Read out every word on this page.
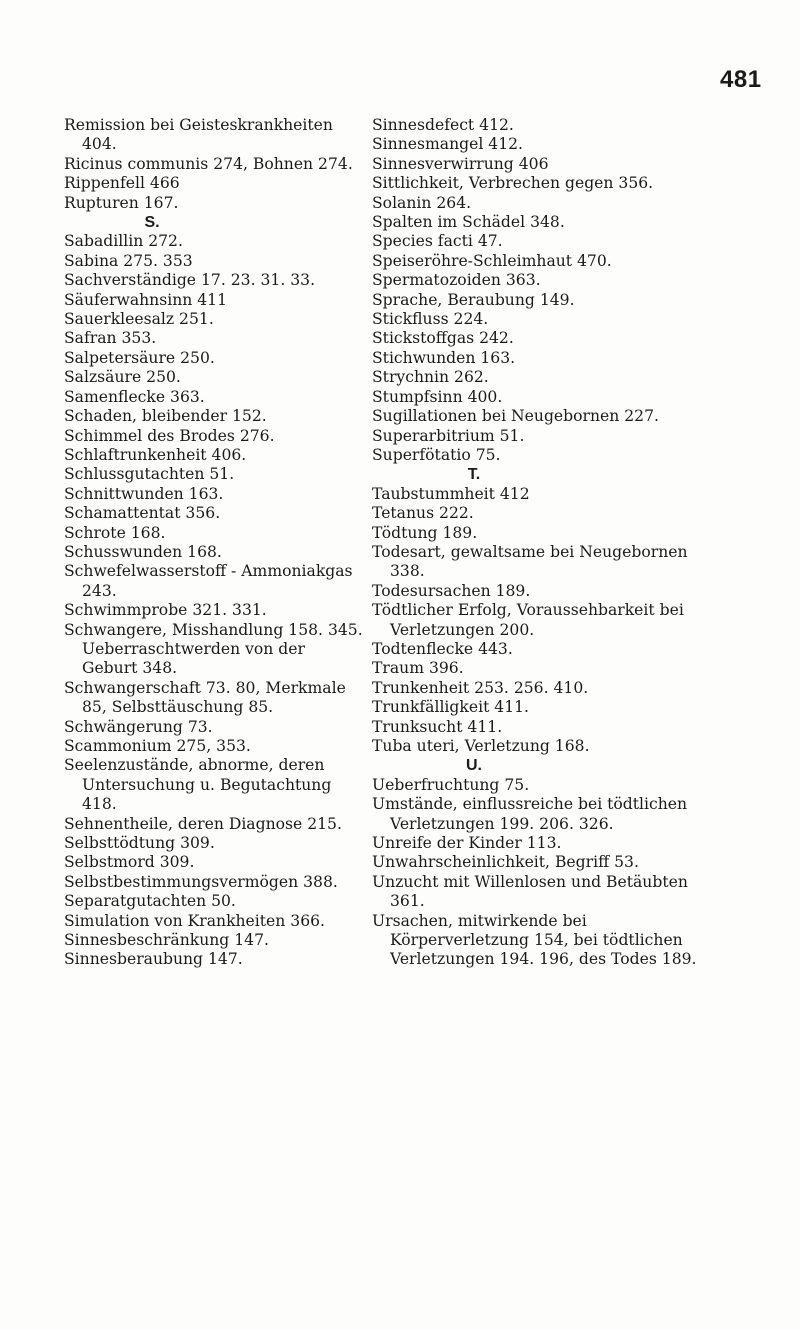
481
Remission bei Geisteskrankheiten 404.
Ricinus communis 274, Bohnen 274.
Rippenfell 466
Rupturen 167.
S.
Sabadillin 272.
Sabina 275. 353
Sachverständige 17. 23. 31. 33.
Säuferwahnsinn 411
Sauerkleesalz 251.
Safran 353.
Salpetersäure 250.
Salzsäure 250.
Samenflecke 363.
Schaden, bleibender 152.
Schimmel des Brodes 276.
Schlaftrunkenheit 406.
Schlussgutachten 51.
Schnittwunden 163.
Schamattentat 356.
Schrote 168.
Schusswunden 168.
Schwefelwasserstoff - Ammoniakgas 243.
Schwimmprobe 321. 331.
Schwangere, Misshandlung 158. 345. Ueberraschtwerden von der Geburt 348.
Schwangerschaft 73. 80, Merkmale 85, Selbsttäuschung 85.
Schwängerung 73.
Scammonium 275, 353.
Seelenzustände, abnorme, deren Untersuchung u. Begutachtung 418.
Sehnentheile, deren Diagnose 215.
Selbsttödtung 309.
Selbstmord 309.
Selbstbestimmungsvermögen 388.
Separatgutachten 50.
Simulation von Krankheiten 366.
Sinnesbeschränkung 147.
Sinnesberaubung 147.
Sinnesdefect 412.
Sinnesmangel 412.
Sinnesverwirrung 406
Sittlichkeit, Verbrechen gegen 356.
Solanin 264.
Spalten im Schädel 348.
Species facti 47.
Speiseröhre-Schleimhaut 470.
Spermatozoiden 363.
Sprache, Beraubung 149.
Stickfluss 224.
Stickstoffgas 242.
Stichwunden 163.
Strychnin 262.
Stumpfsinn 400.
Sugillationen bei Neugebornen 227.
Superarbitrium 51.
Superfötatio 75.
T.
Taubstummheit 412
Tetanus 222.
Tödtung 189.
Todesart, gewaltsame bei Neugebornen 338.
Todesursachen 189.
Tödtlicher Erfolg, Voraussehbarkeit bei Verletzungen 200.
Todtenflecke 443.
Traum 396.
Trunkenheit 253. 256. 410.
Trunkfälligkeit 411.
Trunksucht 411.
Tuba uteri, Verletzung 168.
U.
Ueberfruchtung 75.
Umstände, einflussreiche bei tödtlichen Verletzungen 199. 206. 326.
Unreife der Kinder 113.
Unwahrscheinlichkeit, Begriff 53.
Unzucht mit Willenlosen und Betäubten 361.
Ursachen, mitwirkende bei Körperverletzung 154, bei tödtlichen Verletzungen 194. 196, des Todes 189.
